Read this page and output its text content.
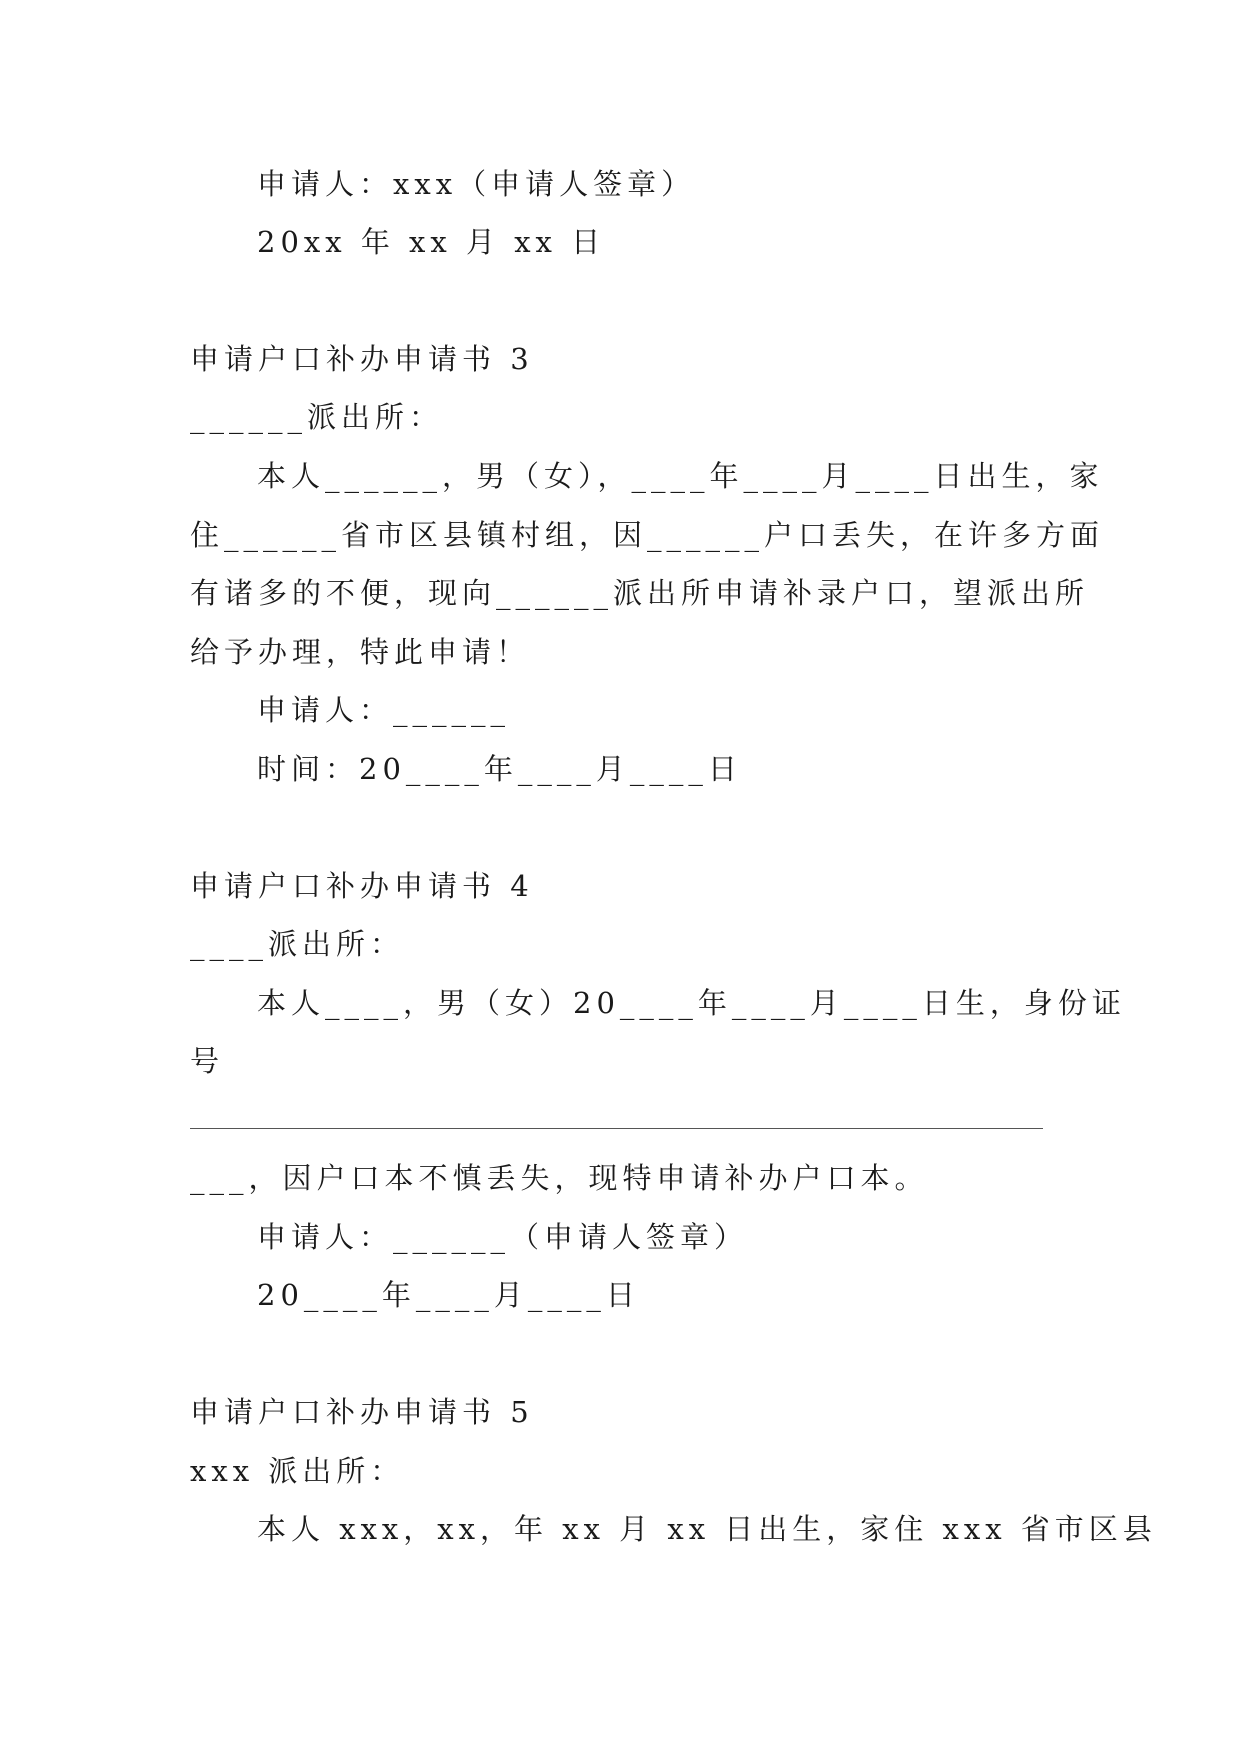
申请人：xxx（申请人签章）
20xx 年 xx 月 xx 日
申请户口补办申请书 3
______派出所：
本人______，男（女），____年____月____日出生，家
住______省市区县镇村组，因______户口丢失，在许多方面
有诸多的不便，现向______派出所申请补录户口，望派出所
给予办理，特此申请！
申请人：______
时间：20____年____月____日
申请户口补办申请书 4
____派出所：
本人____，男（女）20____年____月____日生，身份证
号
___，因户口本不慎丢失，现特申请补办户口本。
申请人：______（申请人签章）
20____年____月____日
申请户口补办申请书 5
xxx 派出所：
本人 xxx，xx，年 xx 月 xx 日出生，家住 xxx 省市区县
